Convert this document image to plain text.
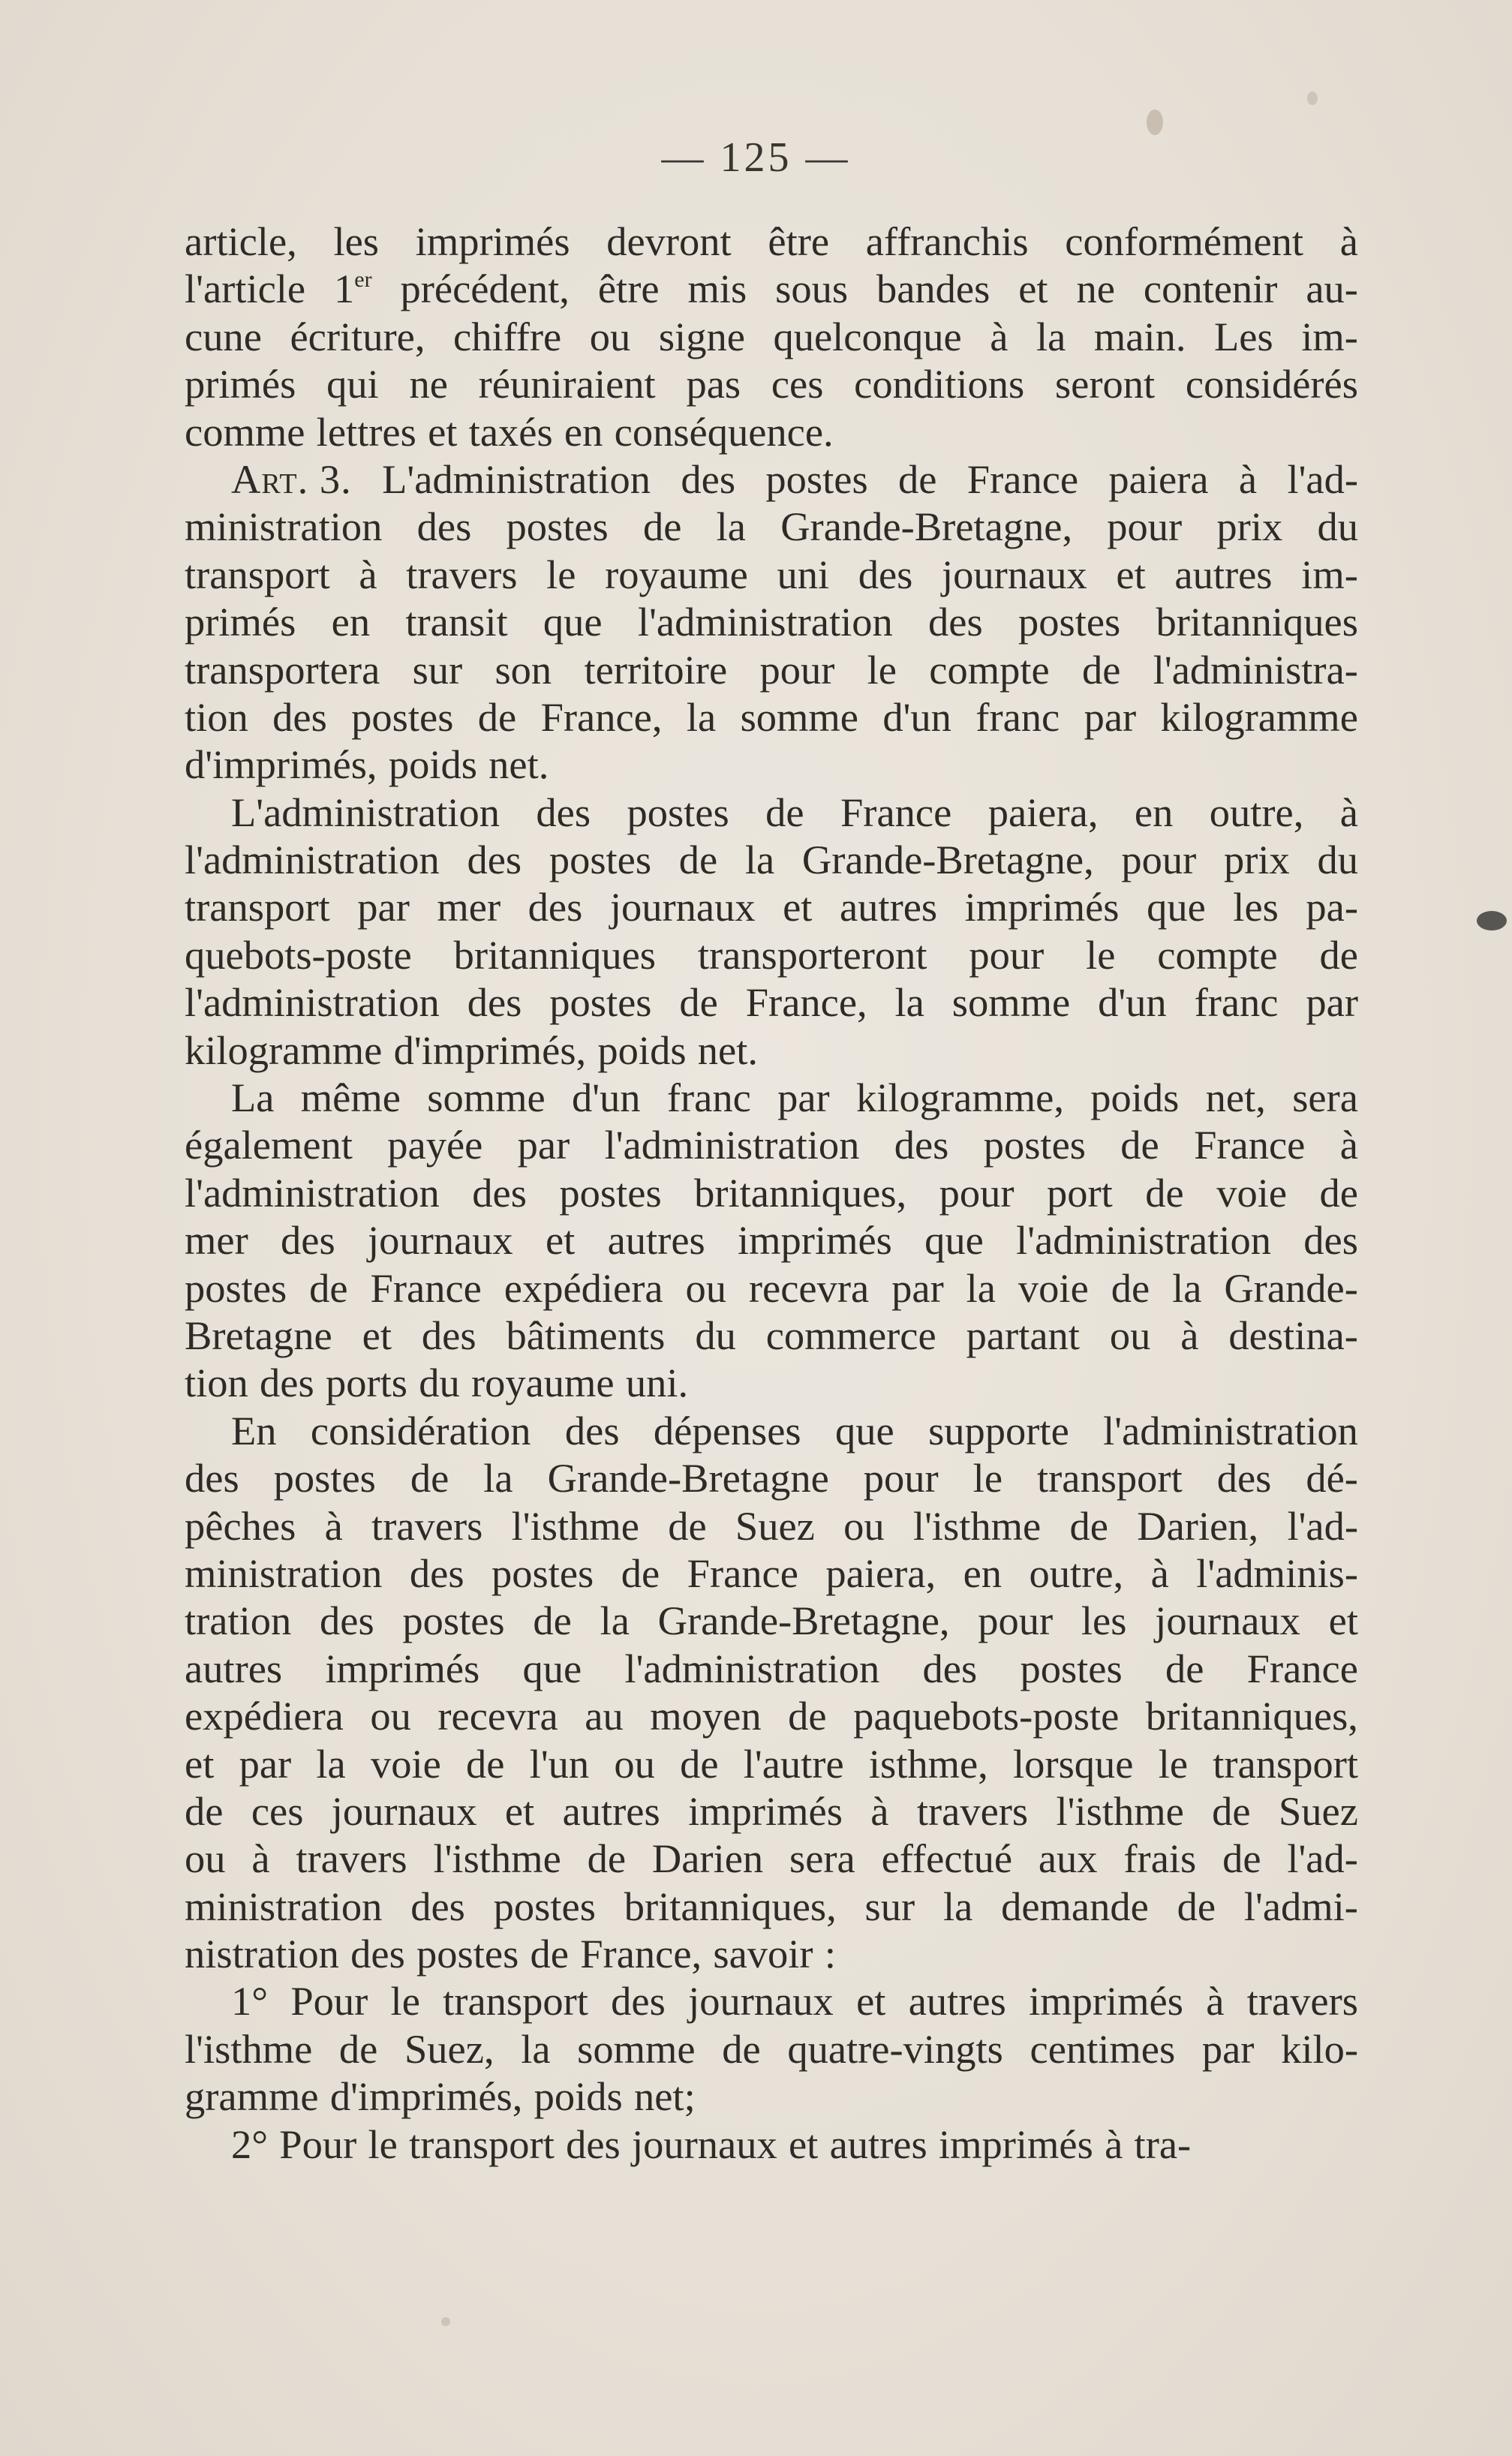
— 125 —
article, les imprimés devront être affranchis conformément à
l'article 1er précédent, être mis sous bandes et ne contenir au-
cune écriture, chiffre ou signe quelconque à la main. Les im-
primés qui ne réuniraient pas ces conditions seront considérés
comme lettres et taxés en conséquence.
Art. 3. L'administration des postes de France paiera à l'ad-
ministration des postes de la Grande-Bretagne, pour prix du
transport à travers le royaume uni des journaux et autres im-
primés en transit que l'administration des postes britanniques
transportera sur son territoire pour le compte de l'administra-
tion des postes de France, la somme d'un franc par kilogramme
d'imprimés, poids net.
L'administration des postes de France paiera, en outre, à
l'administration des postes de la Grande-Bretagne, pour prix du
transport par mer des journaux et autres imprimés que les pa-
quebots-poste britanniques transporteront pour le compte de
l'administration des postes de France, la somme d'un franc par
kilogramme d'imprimés, poids net.
La même somme d'un franc par kilogramme, poids net, sera
également payée par l'administration des postes de France à
l'administration des postes britanniques, pour port de voie de
mer des journaux et autres imprimés que l'administration des
postes de France expédiera ou recevra par la voie de la Grande-
Bretagne et des bâtiments du commerce partant ou à destina-
tion des ports du royaume uni.
En considération des dépenses que supporte l'administration
des postes de la Grande-Bretagne pour le transport des dé-
pêches à travers l'isthme de Suez ou l'isthme de Darien, l'ad-
ministration des postes de France paiera, en outre, à l'adminis-
tration des postes de la Grande-Bretagne, pour les journaux et
autres imprimés que l'administration des postes de France
expédiera ou recevra au moyen de paquebots-poste britanniques,
et par la voie de l'un ou de l'autre isthme, lorsque le transport
de ces journaux et autres imprimés à travers l'isthme de Suez
ou à travers l'isthme de Darien sera effectué aux frais de l'ad-
ministration des postes britanniques, sur la demande de l'admi-
nistration des postes de France, savoir :
1° Pour le transport des journaux et autres imprimés à travers
l'isthme de Suez, la somme de quatre-vingts centimes par kilo-
gramme d'imprimés, poids net;
2° Pour le transport des journaux et autres imprimés à tra-
